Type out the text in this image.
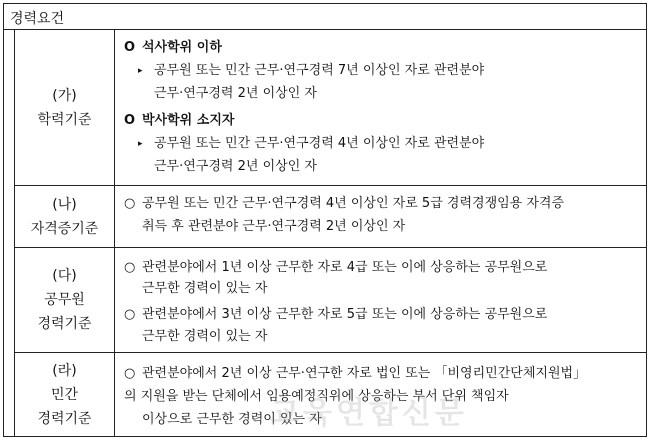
경력요건
(가)
학력기준
O 석사학위 이하
▸ 공무원 또는 민간 근무·연구경력 7년 이상인 자로 관련분야
근무·연구경력 2년 이상인 자
O 박사학위 소지자
▸ 공무원 또는 민간 근무·연구경력 4년 이상인 자로 관련분야
근무·연구경력 2년 이상인 자
(나)
자격증기준
○ 공무원 또는 민간 근무·연구경력 4년 이상인 자로 5급 경력경쟁임용 자격증
취득 후 관련분야 근무·연구경력 2년 이상인 자
(다)
공무원
경력기준
○ 관련분야에서 1년 이상 근무한 자로 4급 또는 이에 상응하는 공무원으로
근무한 경력이 있는 자
○ 관련분야에서 3년 이상 근무한 자로 5급 또는 이에 상응하는 공무원으로
근무한 경력이 있는 자
(라)
민간
경력기준
○ 관련분야에서 2년 이상 근무·연구한 자로 법인 또는 「비영리민간단체지원법」
의 지원을 받는 단체에서 임용예정직위에 상응하는 부서 단위 책임자
이상으로 근무한 경력이 있는 자
교육연합신문
